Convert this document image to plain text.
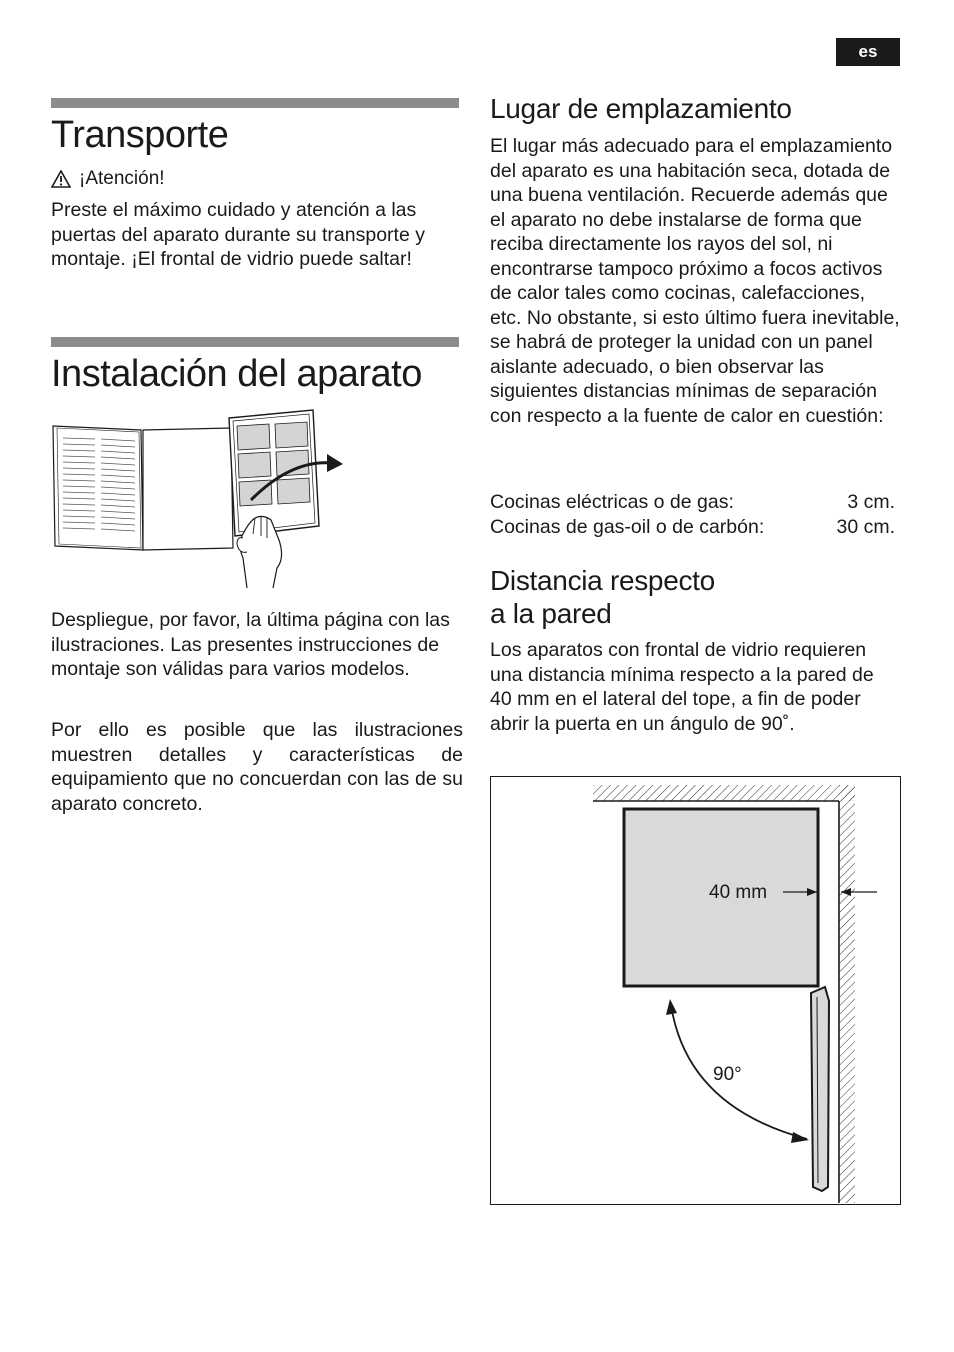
es
Transporte
¡Atención!

Preste el máximo cuidado y atención a las puertas del aparato durante su transporte y montaje. ¡El frontal de vidrio puede saltar!

Instalación del aparato

Despliegue, por favor, la última página con las ilustraciones. Las presentes instrucciones de montaje son válidas para varios modelos.

Por ello es posible que las ilustraciones muestren detalles y características de equipamiento que no concuerdan con las de su aparato concreto.

Lugar de emplazamiento

El lugar más adecuado para el emplazamiento del aparato es una habitación seca, dotada de una buena ventilación. Recuerde además que el aparato no debe instalarse de forma que reciba directamente los rayos del sol, ni encontrarse tampoco próximo a focos activos de calor tales como cocinas, calefacciones, etc. No obstante, si esto último fuera inevitable, se habrá de proteger la unidad con un panel aislante adecuado, o bien observar las siguientes distancias mínimas de separación con respecto a la fuente de calor en cuestión:

Cocinas eléctricas o de gas:	3 cm.
Cocinas de gas-oil o de carbón:	30 cm.
Distancia respecto
a la pared

Los aparatos con frontal de vidrio requieren una distancia mínima respecto a la pared de 40 mm en el lateral del tope, a fin de poder abrir la puerta en un ángulo de 90˚.

40 mm
90°
